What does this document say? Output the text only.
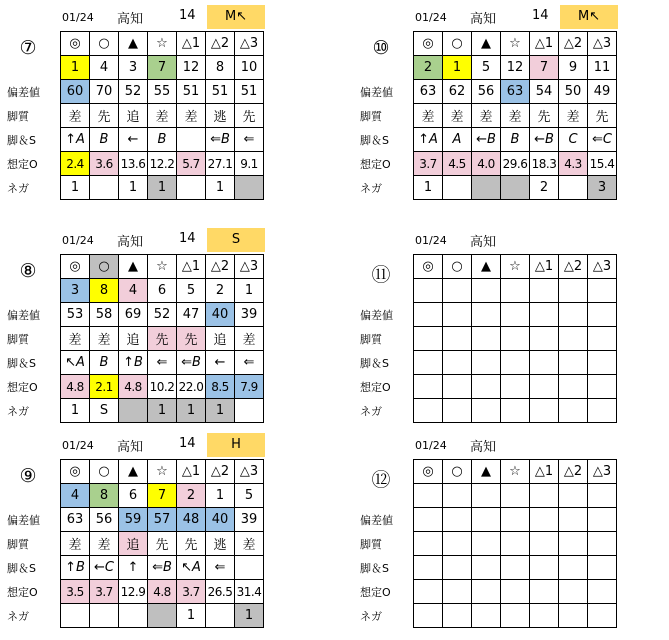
01/24 高知	14	M↖
⑦
偏差値
脚質
脚＆S
想定O
ネガ
◎	○	▲	☆	△1	△2	△3
1	4	3	7	12	8	10
60	70	52	55	51	51	51
差	先	追	差	差	逃	先
↑A	B	←	B		⇐B	⇐
2.4	3.6	13.6	12.2	5.7	27.1	9.1
1		1	1		1	
01/24 高知	14	M↖
⑩
偏差値
脚質
脚＆S
想定O
ネガ
◎	○	▲	☆	△1	△2	△3
2	1	5	12	7	9	11
63	62	56	63	54	50	49
差	差	差	差	先	差	先
↑A	A	←B	B	←B	C	⇐C
3.7	4.5	4.0	29.6	18.3	4.3	15.4
1				2		3
01/24 高知	14	S
⑧
偏差値
脚質
脚＆S
想定O
ネガ
◎	○	▲	☆	△1	△2	△3
3	8	4	6	5	2	1
53	58	69	52	47	40	39
差	差	追	先	先	追	差
↖A	B	↑B	⇐	⇐B	←	⇐
4.8	2.1	4.8	10.2	22.0	8.5	7.9
1	S		1	1	1	
01/24 高知
⑪
偏差値
脚質
脚＆S
想定O
ネガ
◎	○	▲	☆	△1	△2	△3

01/24 高知	14	H
⑨
偏差値
脚質
脚＆S
想定O
ネガ
◎	○	▲	☆	△1	△2	△3
4	8	6	7	2	1	5
63	56	59	57	48	40	39
差	差	追	先	先	逃	差
↑B	←C	↑	⇐B	↖A	⇐	
3.5	3.7	12.9	4.8	3.7	26.5	31.4
				1		1
01/24 高知
⑫
偏差値
脚質
脚＆S
想定O
ネガ
◎	○	▲	☆	△1	△2	△3
